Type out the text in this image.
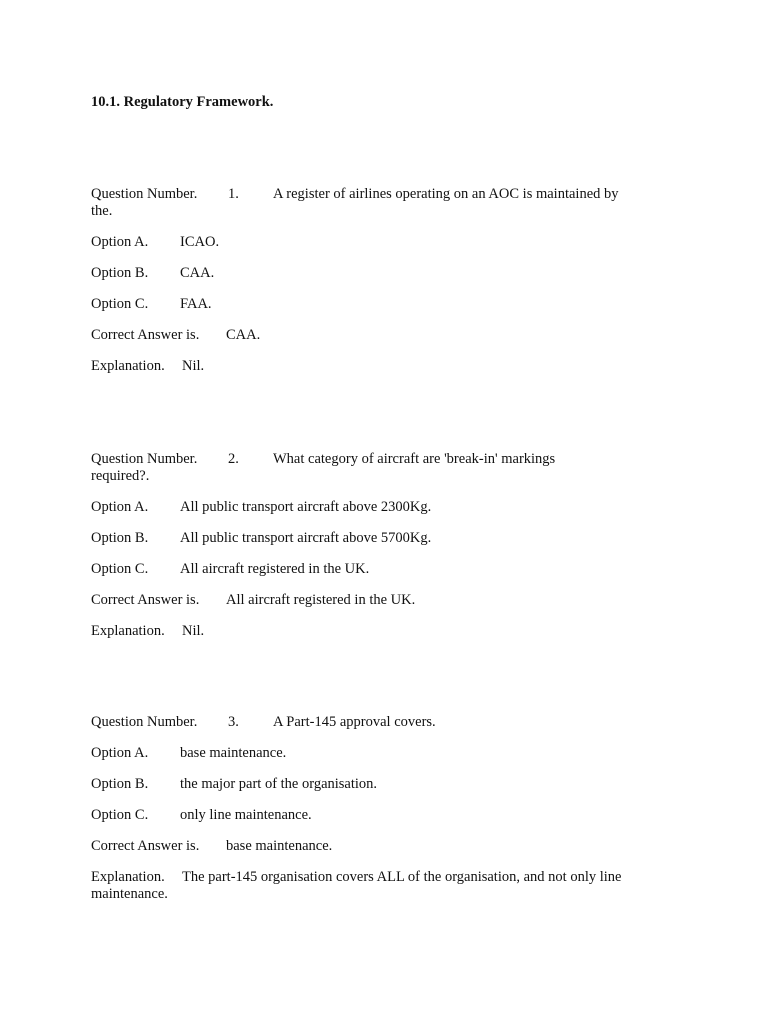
10.1. Regulatory Framework.

Question Number. 1. A register of airlines operating on an AOC is maintained by the.

Option A. ICAO.

Option B. CAA.

Option C. FAA.

Correct Answer is. CAA.

Explanation. Nil.

Question Number. 2. What category of aircraft are 'break-in' markings required?.

Option A. All public transport aircraft above 2300Kg.

Option B. All public transport aircraft above 5700Kg.

Option C. All aircraft registered in the UK.

Correct Answer is. All aircraft registered in the UK.

Explanation. Nil.

Question Number. 3. A Part-145 approval covers.

Option A. base maintenance.

Option B. the major part of the organisation.

Option C. only line maintenance.

Correct Answer is. base maintenance.

Explanation. The part-145 organisation covers ALL of the organisation, and not only line maintenance.
